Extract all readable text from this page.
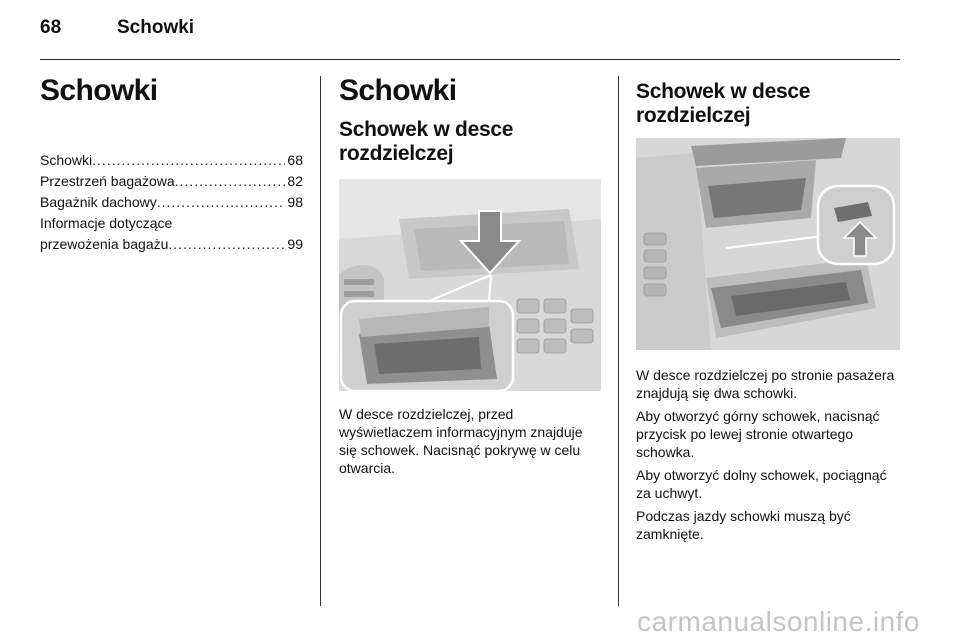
68	Schowki
Schowki
Schowki .....	68
Przestrzeń bagażowa .....	82
Bagażnik dachowy .....	98
Informacje dotyczące
przewożenia bagażu .....	99
Schowki
Schowek w desce rozdzielczej

W desce rozdzielczej, przed wyświetlaczem informacyjnym znajduje się schowek. Nacisnąć pokrywę w celu otwarcia.

Schowek w desce rozdzielczej

W desce rozdzielczej po stronie pasażera znajdują się dwa schowki.

Aby otworzyć górny schowek, nacisnąć przycisk po lewej stronie otwartego schowka.

Aby otworzyć dolny schowek, pociągnąć za uchwyt.

Podczas jazdy schowki muszą być zamknięte.

carmanualsonline.info
